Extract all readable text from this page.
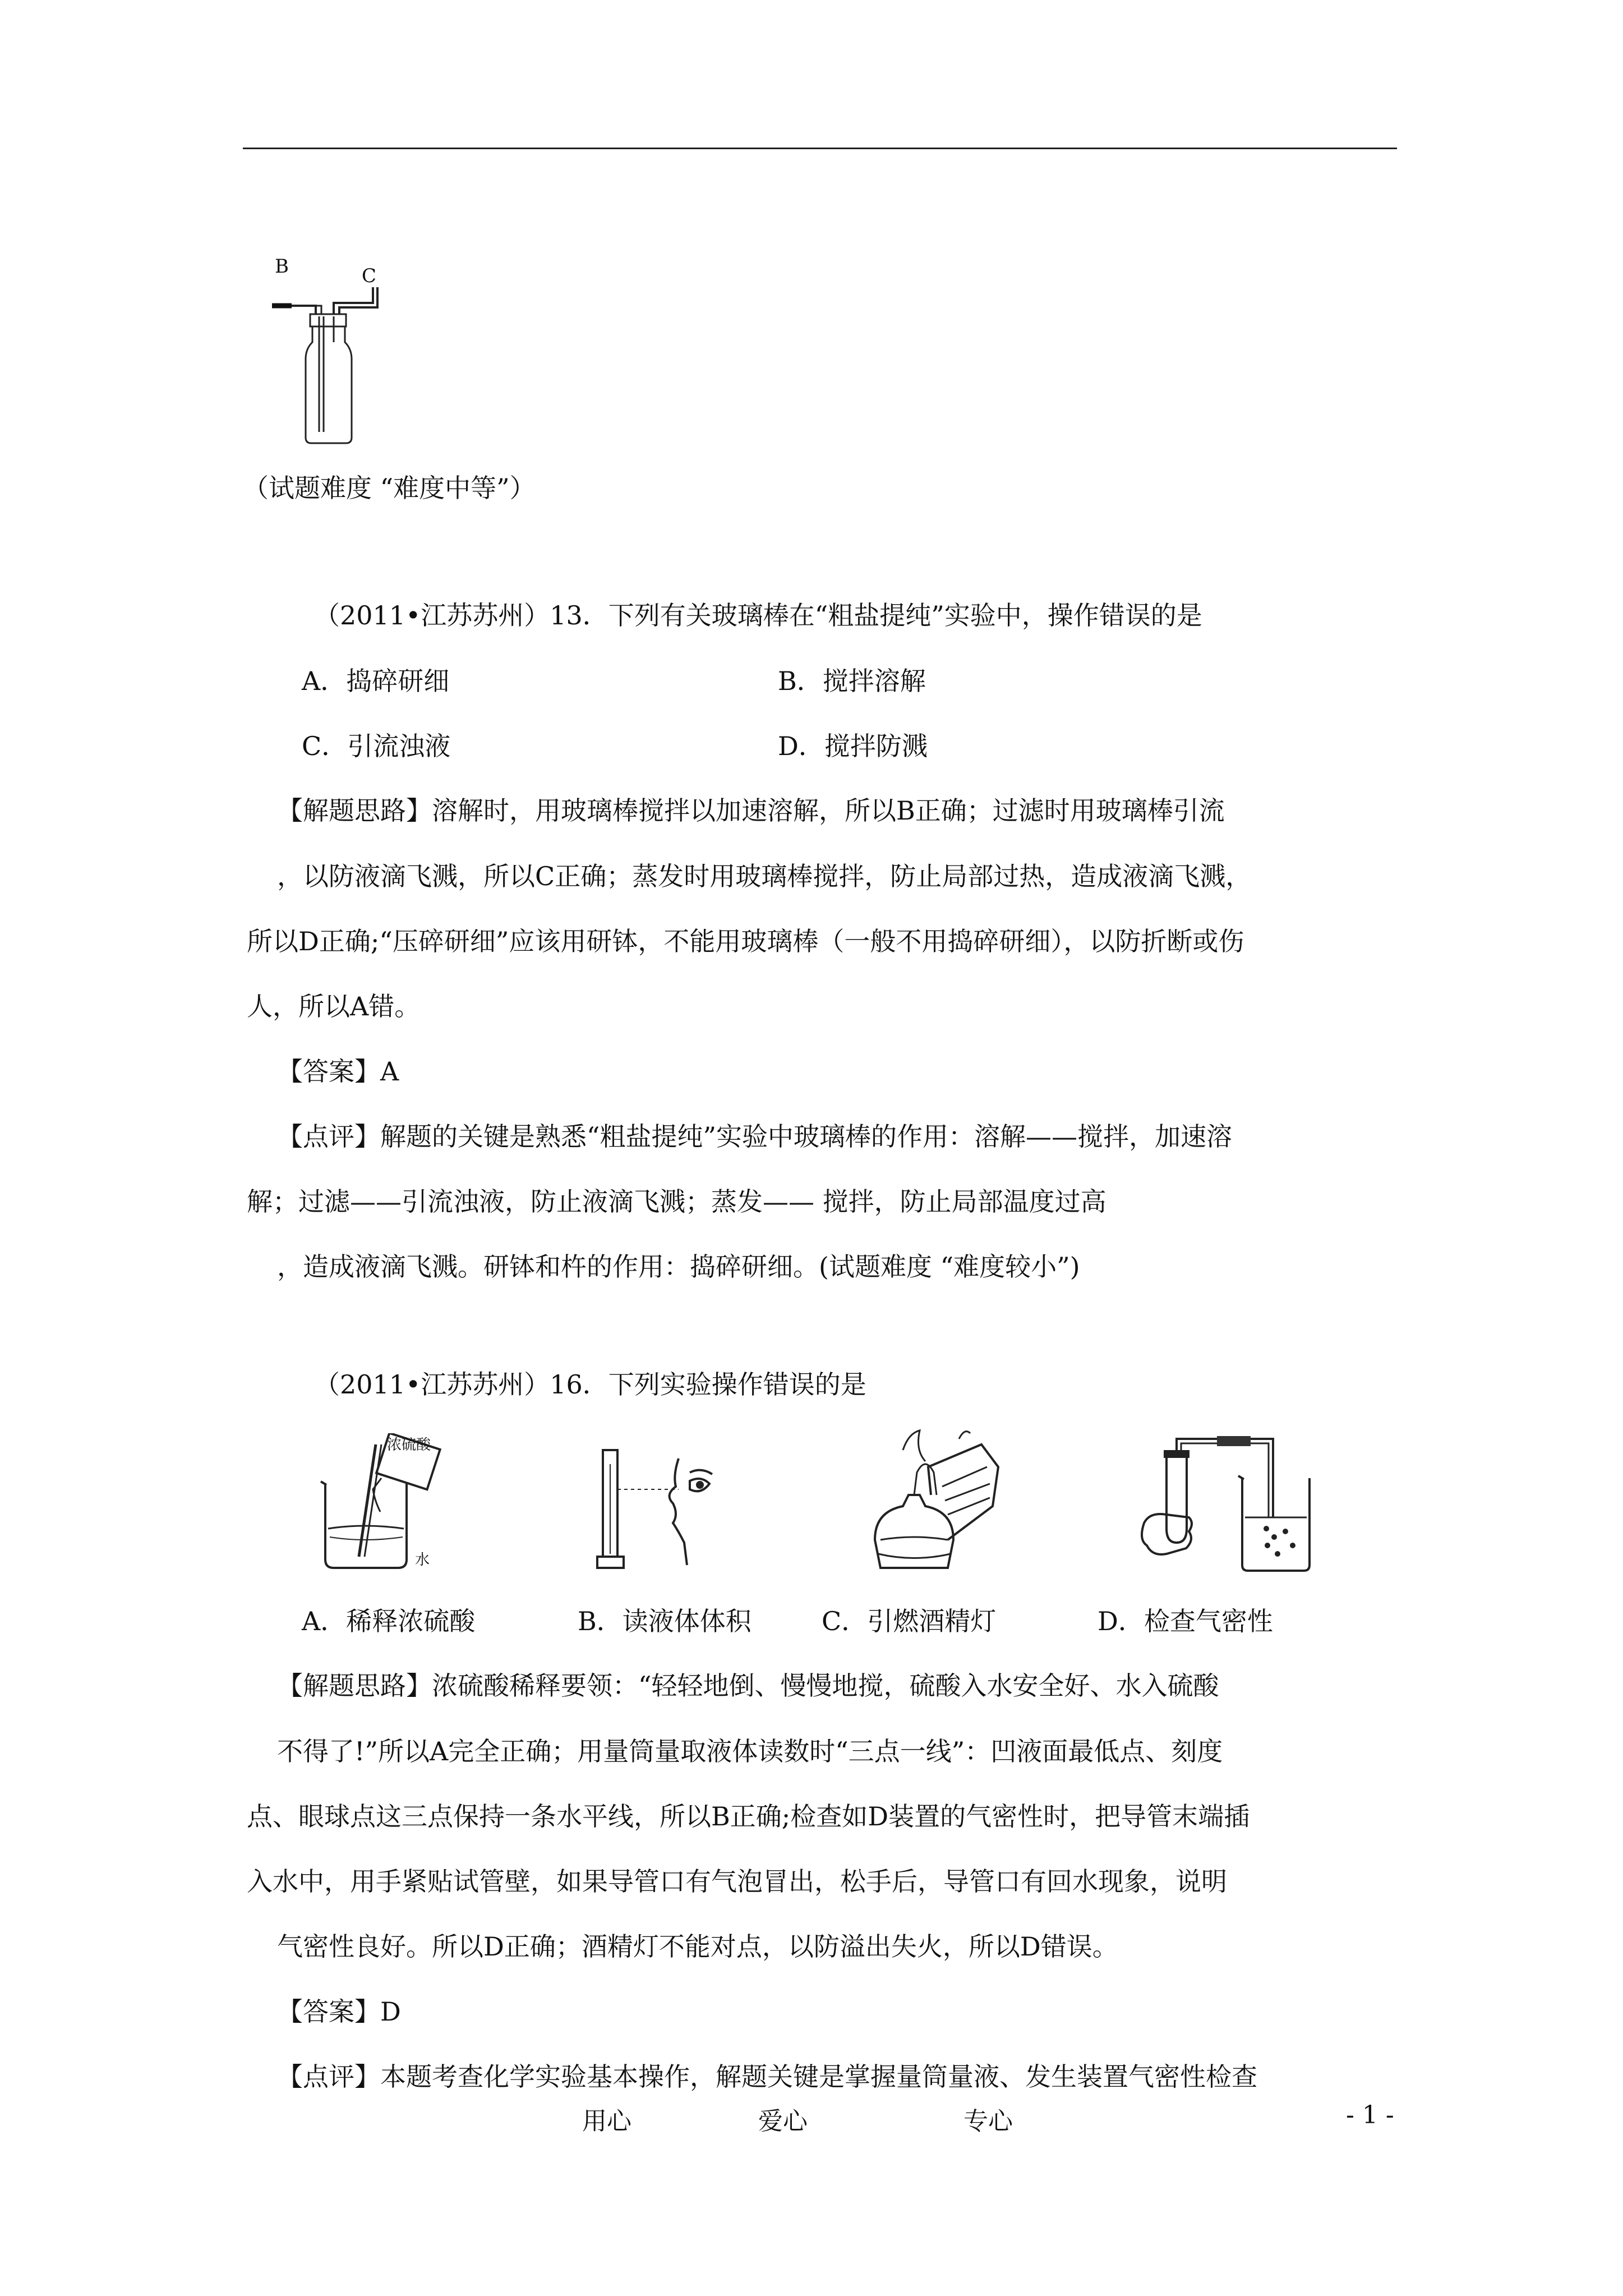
B	C
（试题难度 “难度中等”）
（2011•江苏苏州）13．下列有关玻璃棒在“粗盐提纯”实验中，操作错误的是
A．捣碎研细	B．搅拌溶解
C．引流浊液	D．搅拌防溅
【解题思路】溶解时，用玻璃棒搅拌以加速溶解，所以B正确；过滤时用玻璃棒引流
，以防液滴飞溅，所以C正确；蒸发时用玻璃棒搅拌，防止局部过热，造成液滴飞溅，
所以D正确;“压碎研细”应该用研钵，不能用玻璃棒（一般不用捣碎研细），以防折断或伤
人，所以A错。
【答案】A
【点评】解题的关键是熟悉“粗盐提纯”实验中玻璃棒的作用：溶解——搅拌，加速溶
解；过滤——引流浊液，防止液滴飞溅；蒸发—— 搅拌，防止局部温度过高
，造成液滴飞溅。研钵和杵的作用：捣碎研细。(试题难度 “难度较小”)
（2011•江苏苏州）16．下列实验操作错误的是
浓硫酸
水
A．稀释浓硫酸	B．读液体体积	C．引燃酒精灯	D．检查气密性
【解题思路】浓硫酸稀释要领：“轻轻地倒、慢慢地搅，硫酸入水安全好、水入硫酸
不得了!”所以A完全正确；用量筒量取液体读数时“三点一线”：凹液面最低点、刻度
点、眼球点这三点保持一条水平线，所以B正确;检查如D装置的气密性时，把导管末端插
入水中，用手紧贴试管壁，如果导管口有气泡冒出，松手后，导管口有回水现象，说明
气密性良好。所以D正确；酒精灯不能对点，以防溢出失火，所以D错误。
【答案】D
【点评】本题考查化学实验基本操作，解题关键是掌握量筒量液、发生装置气密性检查
用心	爱心	专心	- 1 -
